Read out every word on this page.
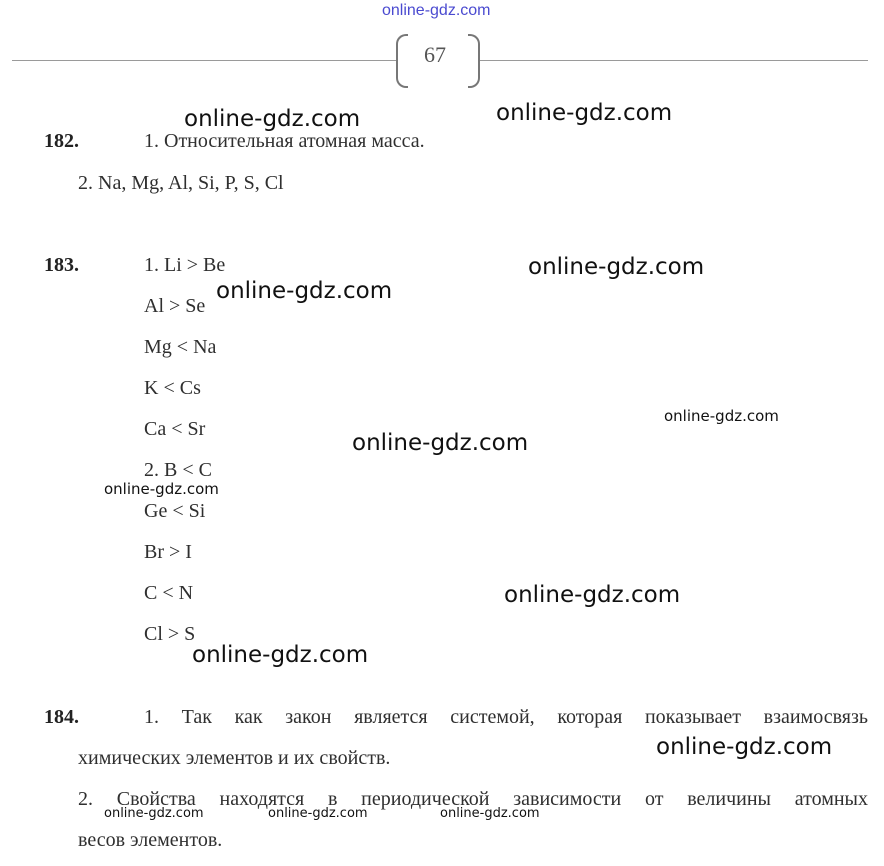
online-gdz.com
67
182.	1. Относительная атомная масса.
2. Na, Mg, Al, Si, P, S, Cl
183.	1. Li > Be
Al > Se
Mg < Na
K < Cs
Ca < Sr
2. B < C
Ge < Si
Br > I
C < N
Cl > S
184.	1. Так как закон является системой, которая показывает взаимосвязь
химических элементов и их свойств.
2. Свойства находятся в периодической зависимости от величины атомных
весов элементов.
online-gdz.com	online-gdz.com
online-gdz.com
online-gdz.com
online-gdz.com
online-gdz.com
online-gdz.com
online-gdz.com
online-gdz.com
online-gdz.com
online-gdz.com	online-gdz.com	online-gdz.com
